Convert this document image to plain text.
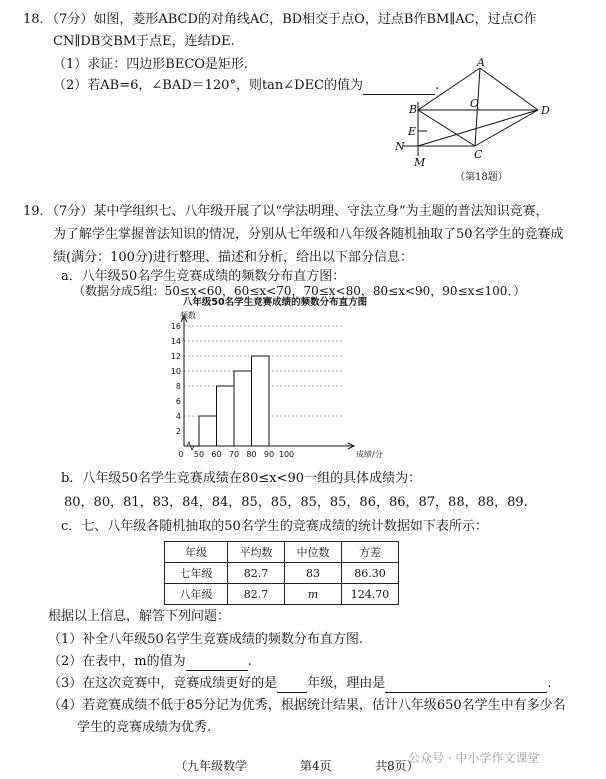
18．（7分）如图，菱形ABCD的对角线AC，BD相交于点O，过点B作BM∥AC，过点C作
CN∥DB交BM于点E，连结DE.
（1）求证：四边形BECO是矩形.
（2）若AB=6，∠BAD＝120°，则tan∠DEC的值为	.
A
B
C
D
O
E
N
M
（第18题）
19．（7分）某中学组织七、八年级开展了以“学法明理、守法立身”为主题的普法知识竞赛，
为了解学生掌握普法知识的情况，分别从七年级和八年级各随机抽取了50名学生的竞赛成
绩(满分：100分)进行整理、描述和分析，给出以下部分信息：
a．八年级50名学生竞赛成绩的频数分布直方图：
（数据分成5组：50≤x<60，60≤x<70，70≤x<80，80≤x<90，90≤x≤100．）
八年级50名学生竞赛成绩的频数分布直方图
频数
成绩/分
2
4
6
8
10
12
14
16
0 50 60 70 80 90 100
b．八年级50名学生竞赛成绩在80≤x<90一组的具体成绩为：
80，80，81，83，84，84，85，85，85，85，86，86，87，88，88，89.
c．七、八年级各随机抽取的50名学生的竞赛成绩的统计数据如下表所示：
年级	平均数	中位数	方差
七年级	82.7	83	86.30
八年级	82.7	m	124.70
根据以上信息，解答下列问题：
（1）补全八年级50名学生竞赛成绩的频数分布直方图.
（2）在表中，m的值为	.
（3）在这次竞赛中，竞赛成绩更好的是 年级，理由是	.
（4）若竞赛成绩不低于85分记为优秀，根据统计结果，估计八年级650名学生中有多少名
学生的竞赛成绩为优秀.
（九年级数学	第4页	共8页）
公众号 · 中小学作文课堂
